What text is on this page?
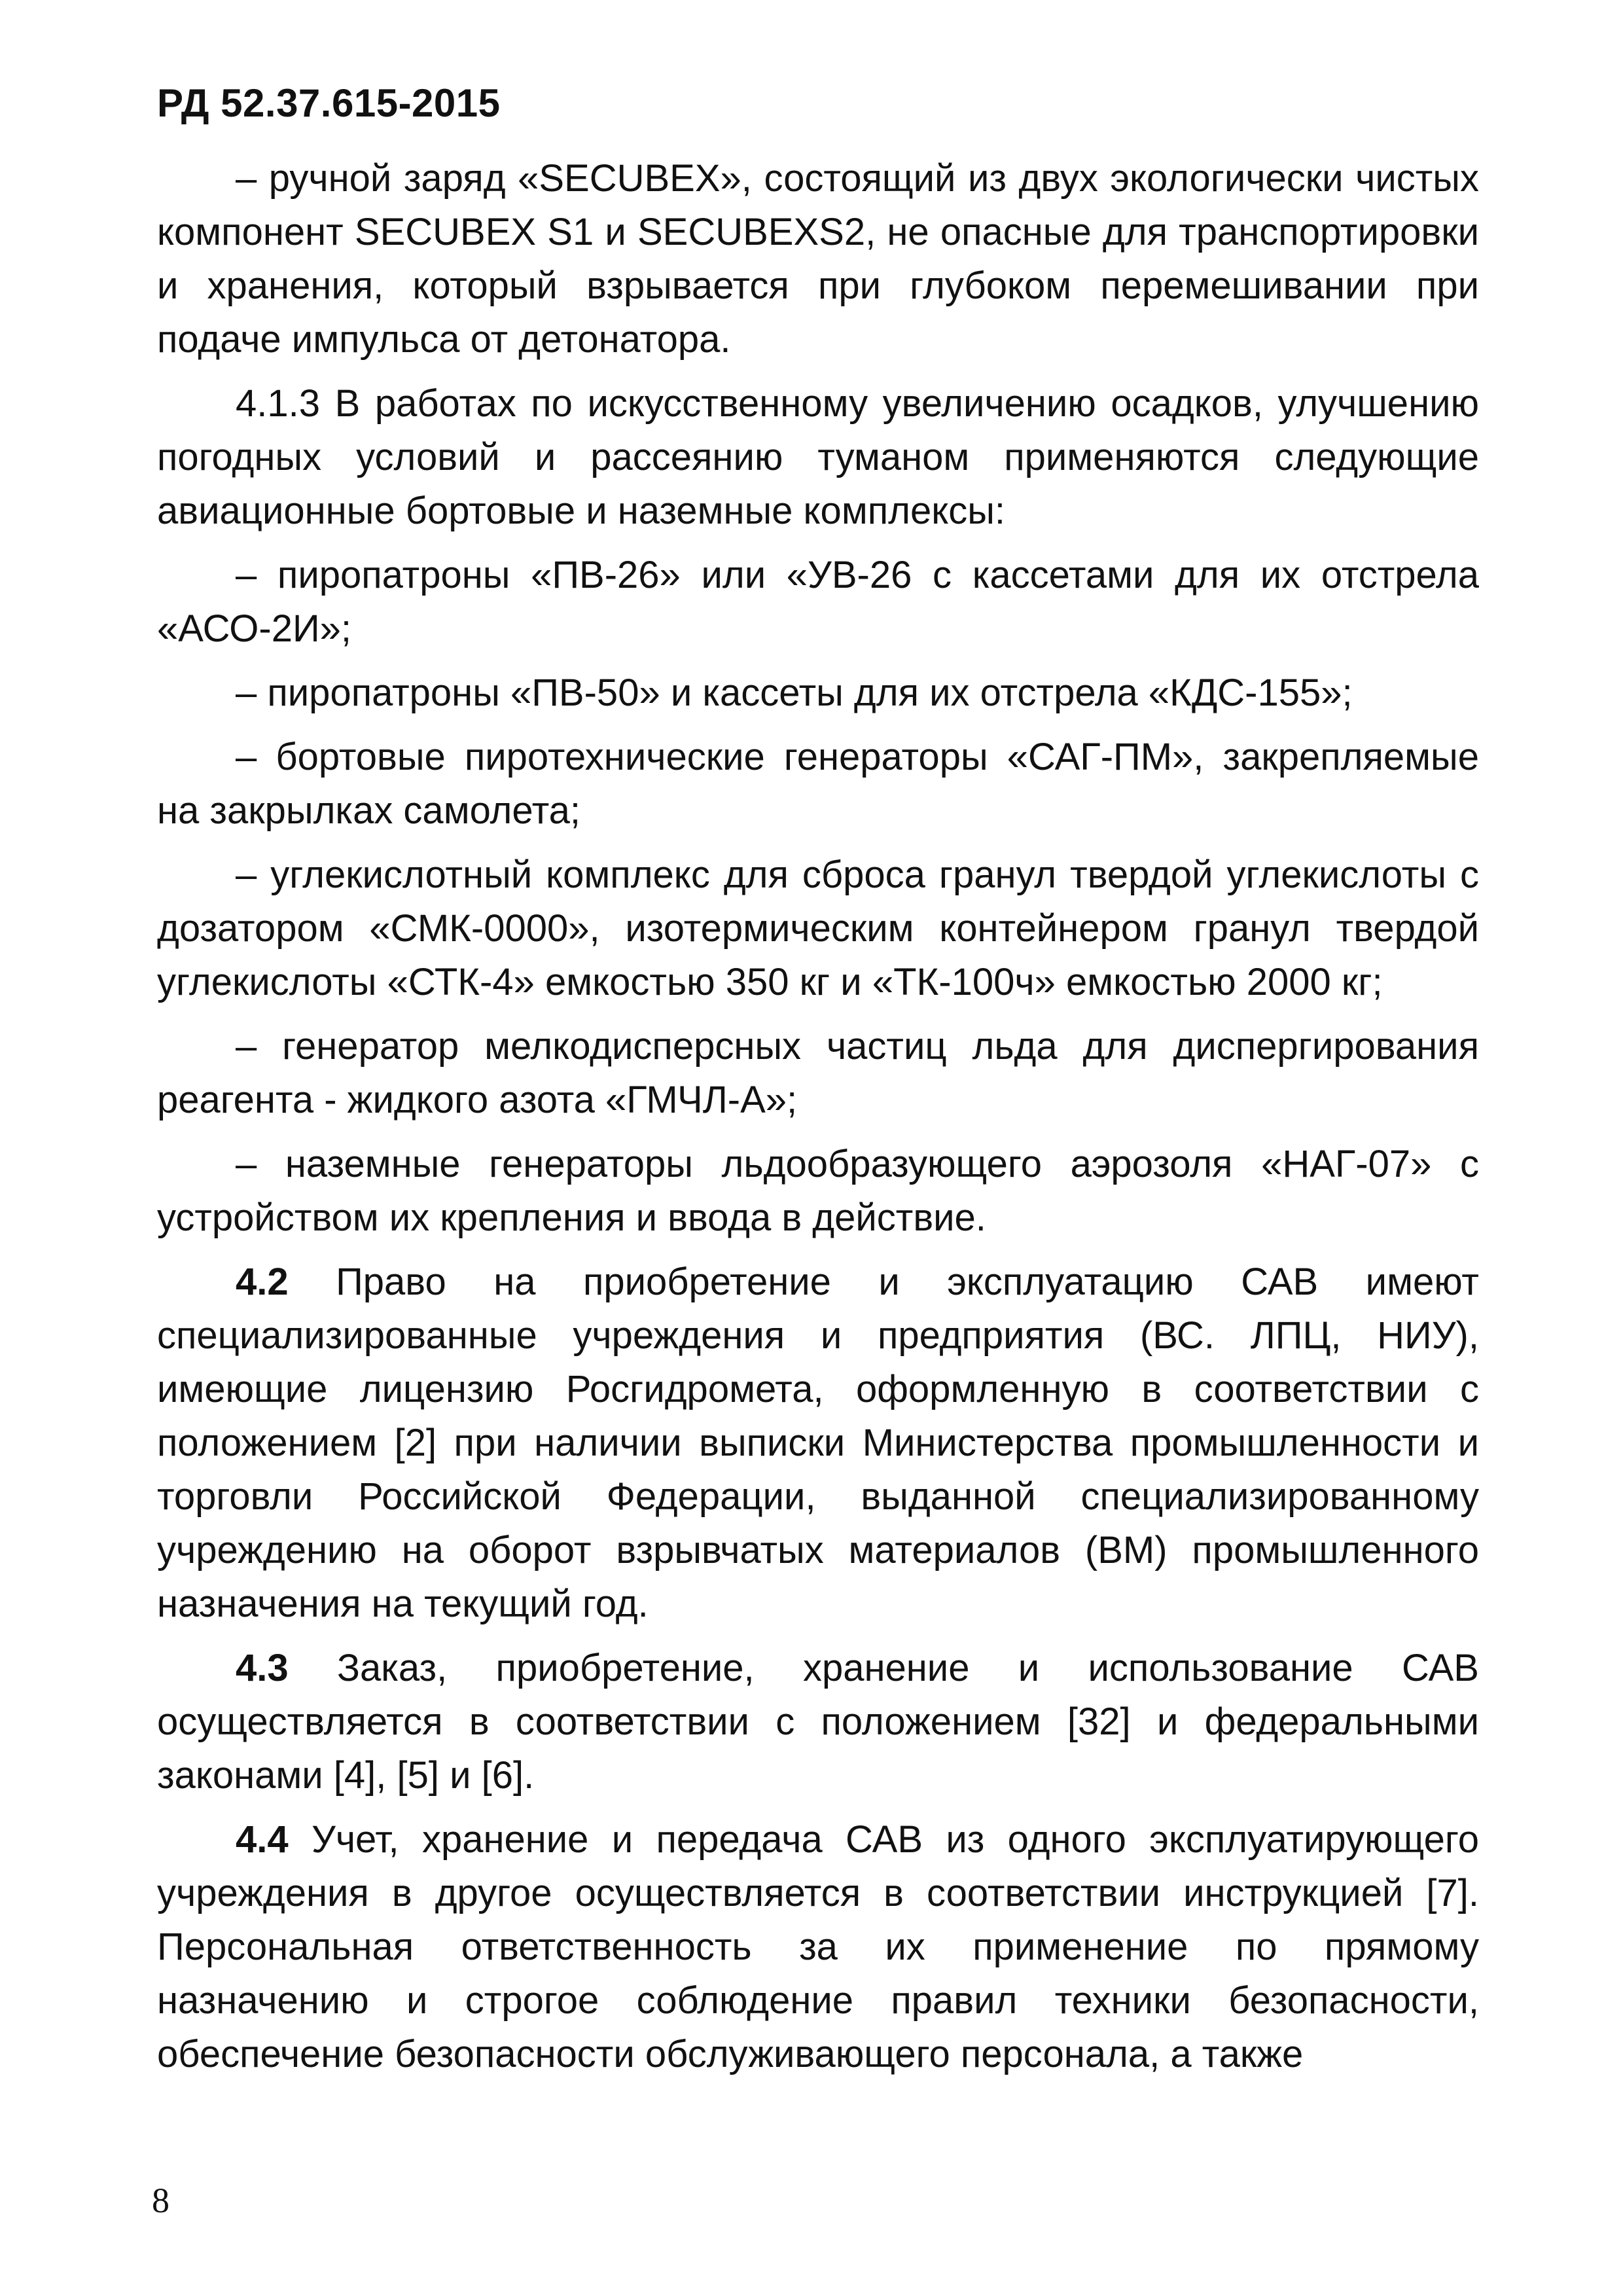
РД 52.37.615-2015

– ручной заряд «SECUBEX», состоящий из двух экологически чистых компонент SECUBEX S1 и SECUBEXS2, не опасные для транспортировки и хранения, который взрывается при глубоком перемешивании при подаче импульса от детонатора.

4.1.3 В работах по искусственному увеличению осадков, улучшению погодных условий и рассеянию туманом применяются следующие авиационные бортовые и наземные комплексы:

– пиропатроны «ПВ-26» или «УВ-26 с кассетами для их отстрела «АСО-2И»;

– пиропатроны «ПВ-50» и кассеты для их отстрела «КДС-155»;

– бортовые пиротехнические генераторы «САГ-ПМ», закрепляемые на закрылках самолета;

– углекислотный комплекс для сброса гранул твердой углекислоты с дозатором «СМК-0000», изотермическим контейнером гранул твердой углекислоты «СТК-4» емкостью 350 кг и «ТК-100ч» емкостью 2000 кг;

– генератор мелкодисперсных частиц льда для диспергирования реагента - жидкого азота «ГМЧЛ-А»;

– наземные генераторы льдообразующего аэрозоля «НАГ-07» с устройством их крепления и ввода в действие.

4.2 Право на приобретение и эксплуатацию САВ имеют специализированные учреждения и предприятия (ВС. ЛПЦ, НИУ), имеющие лицензию Росгидромета, оформленную в соответствии с положением [2] при наличии выписки Министерства промышленности и торговли Российской Федерации, выданной специализированному учреждению на оборот взрывчатых материалов (ВМ) промышленного назначения на текущий год.

4.3 Заказ, приобретение, хранение и использование САВ осуществляется в соответствии с положением [32] и федеральными законами [4], [5] и [6].

4.4 Учет, хранение и передача САВ из одного эксплуатирующего учреждения в другое осуществляется в соответствии инструкцией [7]. Персональная ответственность за их применение по прямому назначению и строгое соблюдение правил техники безопасности, обеспечение безопасности обслуживающего персонала, а также

8
